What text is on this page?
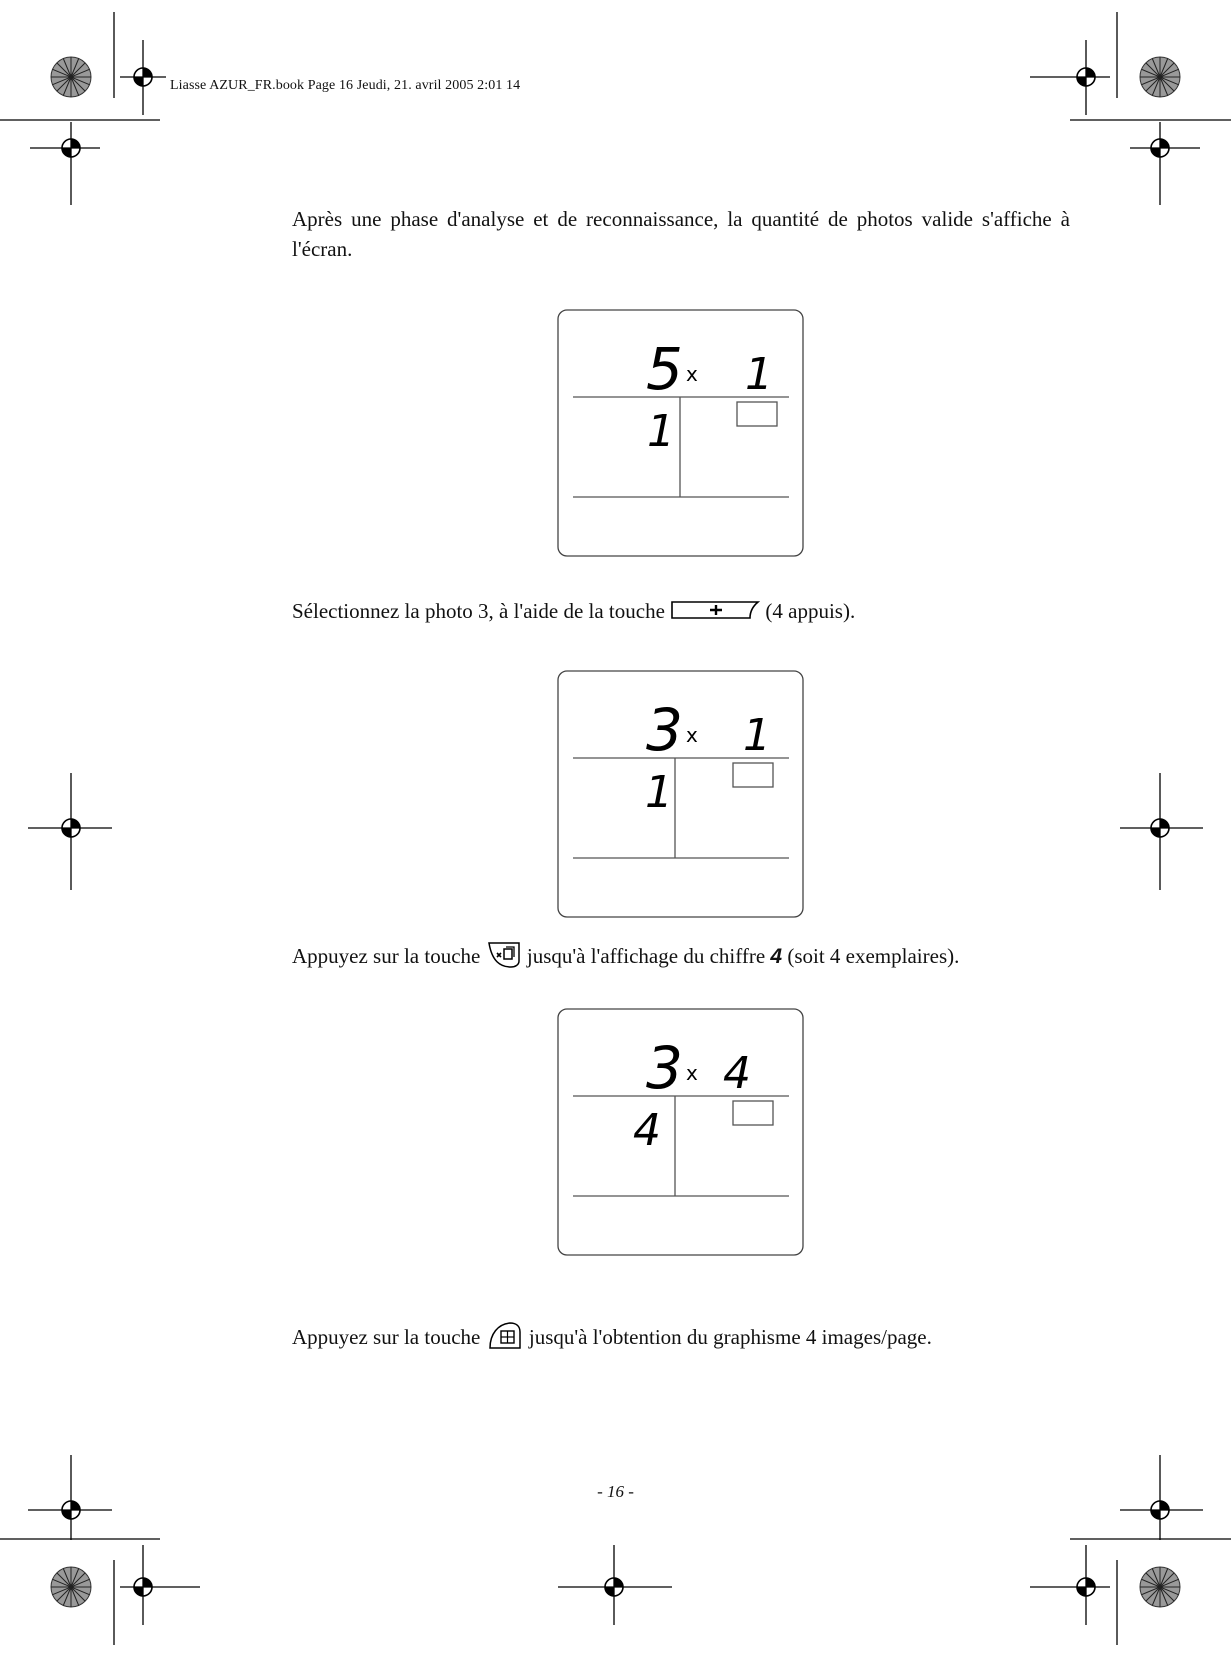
Liasse AZUR_FR.book Page 16 Jeudi, 21. avril 2005 2:01 14

Après une phase d'analyse et de reconnaissance, la quantité de photos valide s'affiche à l'écran.

5 x 1
1
Sélectionnez la photo 3, à l'aide de la touche	(4 appuis).
3 x 1
1
Appuyez sur la touche jusqu'à l'affichage du chiffre 4 (soit 4 exemplaires).
3 x 4
4
Appuyez sur la touche jusqu'à l'obtention du graphisme 4 images/page.
- 16 -
